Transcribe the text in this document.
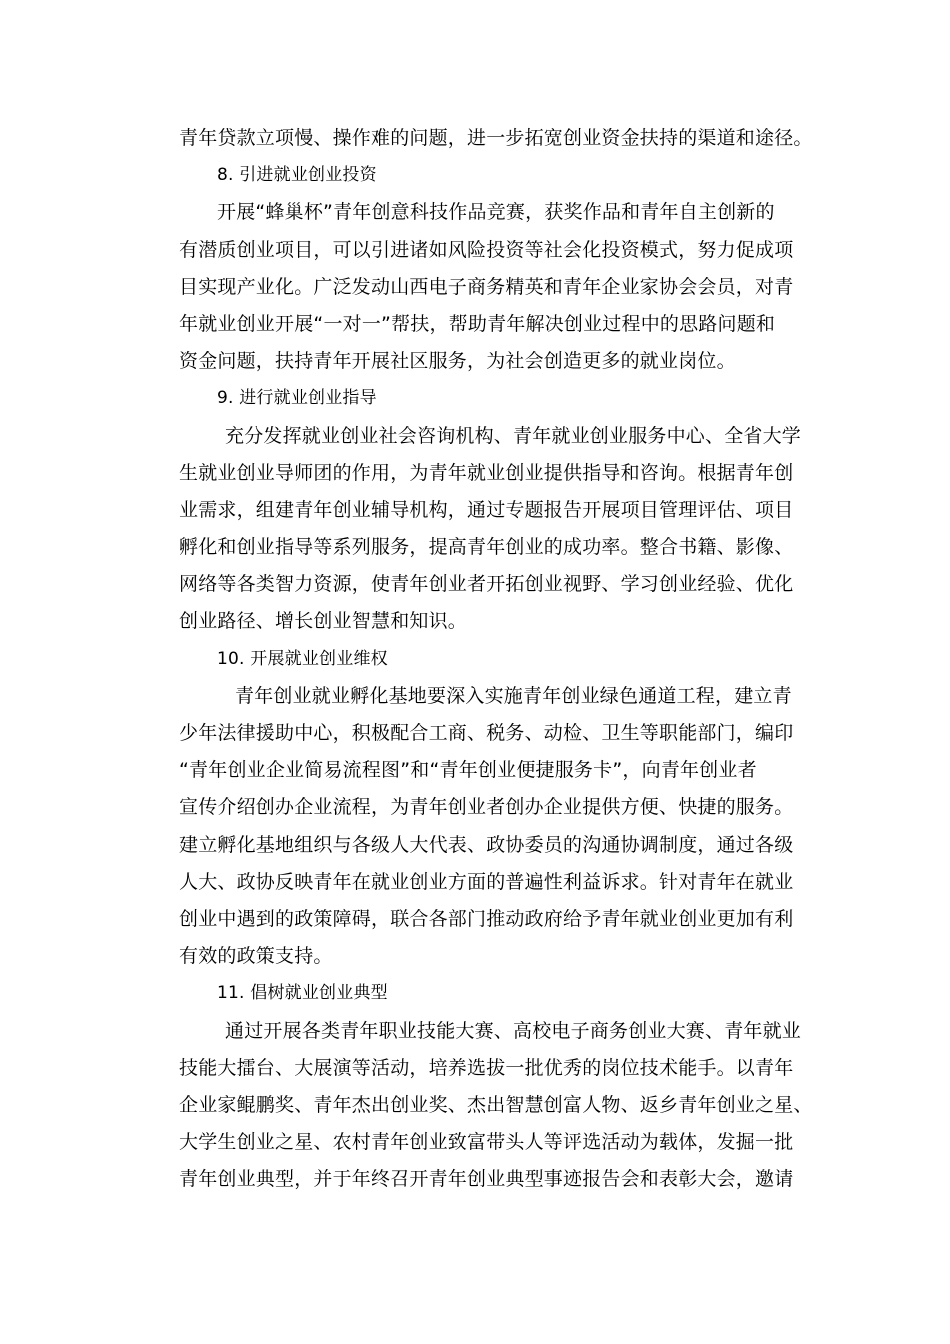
青年贷款立项慢、操作难的问题，进一步拓宽创业资金扶持的渠道和途径。
8. 引进就业创业投资
开展“蜂巢杯”青年创意科技作品竞赛，获奖作品和青年自主创新的
有潜质创业项目，可以引进诸如风险投资等社会化投资模式，努力促成项
目实现产业化。广泛发动山西电子商务精英和青年企业家协会会员，对青
年就业创业开展“一对一”帮扶，帮助青年解决创业过程中的思路问题和
资金问题，扶持青年开展社区服务，为社会创造更多的就业岗位。
9. 进行就业创业指导
充分发挥就业创业社会咨询机构、青年就业创业服务中心、全省大学
生就业创业导师团的作用，为青年就业创业提供指导和咨询。根据青年创
业需求，组建青年创业辅导机构，通过专题报告开展项目管理评估、项目
孵化和创业指导等系列服务，提高青年创业的成功率。整合书籍、影像、
网络等各类智力资源，使青年创业者开拓创业视野、学习创业经验、优化
创业路径、增长创业智慧和知识。
10. 开展就业创业维权
青年创业就业孵化基地要深入实施青年创业绿色通道工程，建立青
少年法律援助中心，积极配合工商、税务、动检、卫生等职能部门，编印
“青年创业企业简易流程图”和“青年创业便捷服务卡”，向青年创业者
宣传介绍创办企业流程，为青年创业者创办企业提供方便、快捷的服务。
建立孵化基地组织与各级人大代表、政协委员的沟通协调制度，通过各级
人大、政协反映青年在就业创业方面的普遍性利益诉求。针对青年在就业
创业中遇到的政策障碍，联合各部门推动政府给予青年就业创业更加有利
有效的政策支持。
11. 倡树就业创业典型
通过开展各类青年职业技能大赛、高校电子商务创业大赛、青年就业
技能大擂台、大展演等活动，培养选拔一批优秀的岗位技术能手。以青年
企业家鲲鹏奖、青年杰出创业奖、杰出智慧创富人物、返乡青年创业之星、
大学生创业之星、农村青年创业致富带头人等评选活动为载体，发掘一批
青年创业典型，并于年终召开青年创业典型事迹报告会和表彰大会，邀请
